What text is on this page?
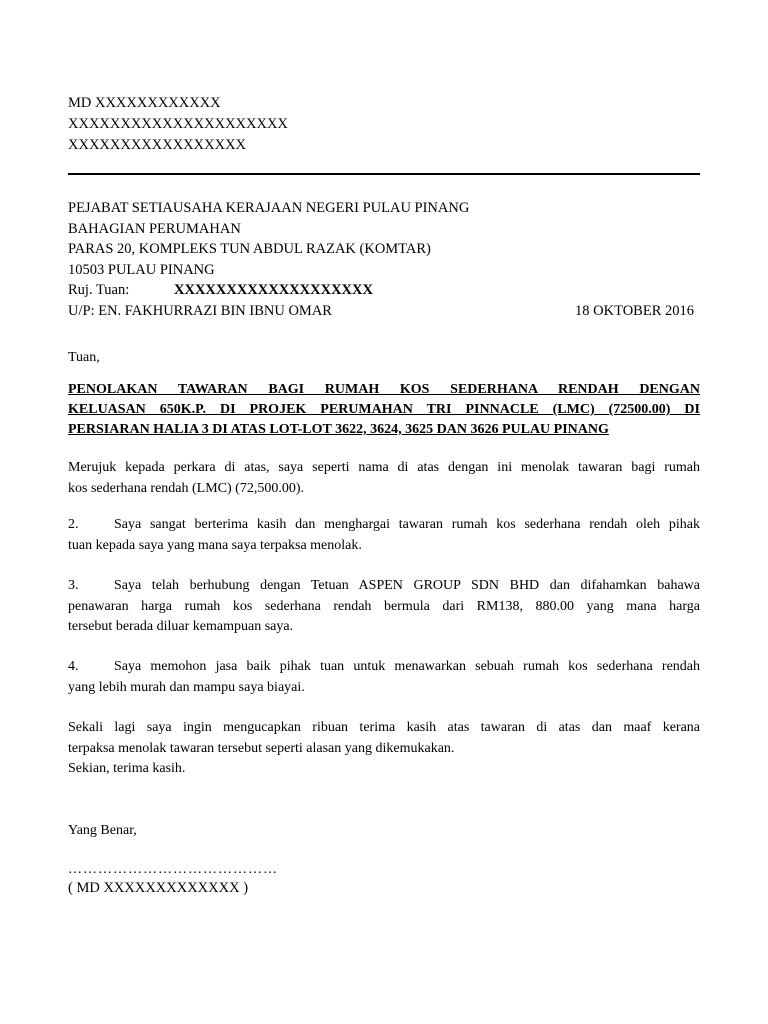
MD XXXXXXXXXXXX
XXXXXXXXXXXXXXXXXXXXX
XXXXXXXXXXXXXXXXX
PEJABAT SETIAUSAHA KERAJAAN NEGERI PULAU PINANG
BAHAGIAN PERUMAHAN
PARAS 20, KOMPLEKS TUN ABDUL RAZAK (KOMTAR)
10503 PULAU PINANG
Ruj. Tuan:	XXXXXXXXXXXXXXXXXXX
U/P: EN. FAKHURRAZI BIN IBNU OMAR	18 OKTOBER 2016
Tuan,
PENOLAKAN TAWARAN BAGI RUMAH KOS SEDERHANA RENDAH DENGAN
KELUASAN 650K.P. DI PROJEK PERUMAHAN TRI PINNACLE (LMC) (72500.00) DI
PERSIARAN HALIA 3 DI ATAS LOT-LOT 3622, 3624, 3625 DAN 3626 PULAU PINANG
Merujuk kepada perkara di atas, saya seperti nama di atas dengan ini menolak tawaran bagi rumah
kos sederhana rendah (LMC) (72,500.00).
2.	Saya sangat berterima kasih dan menghargai tawaran rumah kos sederhana rendah oleh pihak
tuan kepada saya yang mana saya terpaksa menolak.
3.	Saya telah berhubung dengan Tetuan ASPEN GROUP SDN BHD dan difahamkan bahawa
penawaran harga rumah kos sederhana rendah bermula dari RM138, 880.00 yang mana harga
tersebut berada diluar kemampuan saya.
4.	Saya memohon jasa baik pihak tuan untuk menawarkan sebuah rumah kos sederhana rendah
yang lebih murah dan mampu saya biayai.
Sekali lagi saya ingin mengucapkan ribuan terima kasih atas tawaran di atas dan maaf kerana
terpaksa menolak tawaran tersebut seperti alasan yang dikemukakan.
Sekian, terima kasih.
Yang Benar,
……………………………………
( MD XXXXXXXXXXXXX )
